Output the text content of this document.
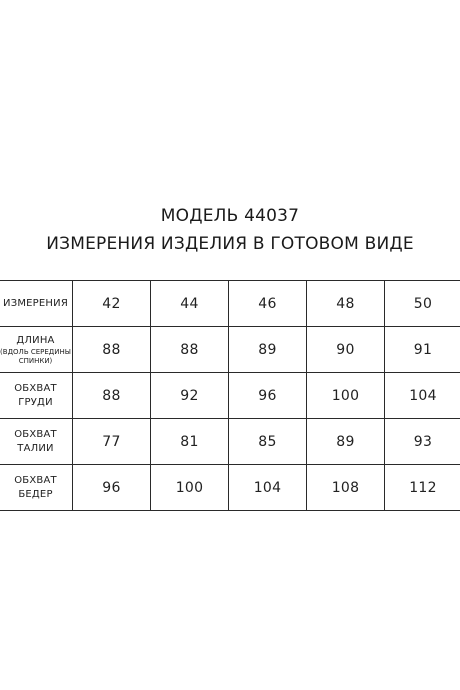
МОДЕЛЬ 44037
ИЗМЕРЕНИЯ ИЗДЕЛИЯ В ГОТОВОМ ВИДЕ
ИЗМЕРЕНИЯ	42	44	46	48	50

ДЛИНА
(ВДОЛЬ СЕРЕДИНЫ
СПИНКИ)	88	88	89	90	91

ОБХВАТ
ГРУДИ	88	92	96	100	104

ОБХВАТ
ТАЛИИ	77	81	85	89	93

ОБХВАТ
БЕДЕР	96	100	104	108	112
